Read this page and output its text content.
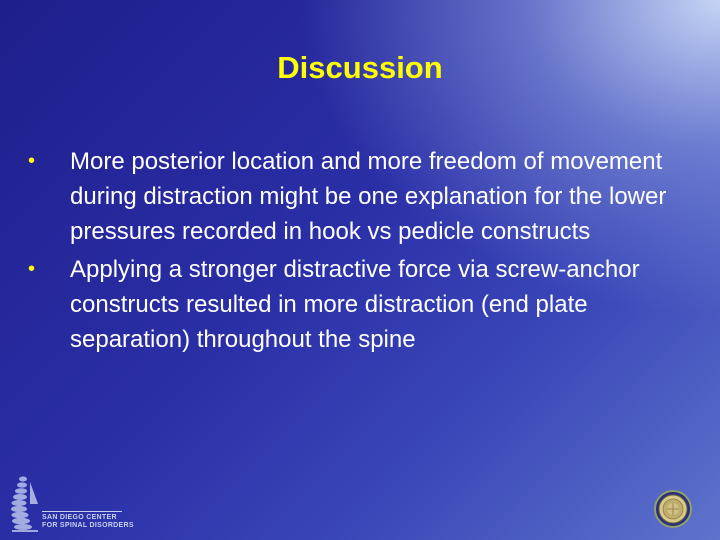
Discussion
• More posterior location and more freedom of movement during distraction might be one explanation for the lower pressures recorded in hook vs pedicle constructs
• Applying a stronger distractive force via screw-anchor constructs resulted in more distraction (end plate separation) throughout the spine
SAN DIEGO CENTER
FOR SPINAL DISORDERS
